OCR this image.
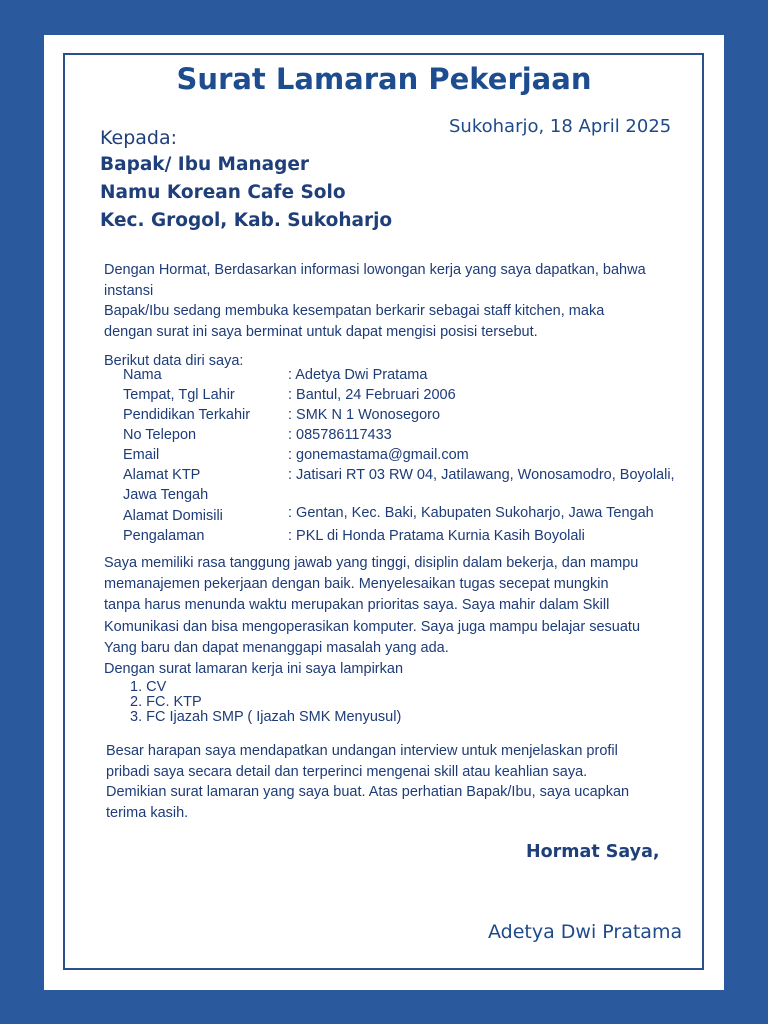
Surat Lamaran Pekerjaan
Sukoharjo, 18 April 2025
Kepada:
Bapak/ Ibu Manager
Namu Korean Cafe Solo
Kec. Grogol, Kab. Sukoharjo
Dengan Hormat, Berdasarkan informasi lowongan kerja yang saya dapatkan, bahwa
instansi
Bapak/Ibu sedang membuka kesempatan berkarir sebagai staff kitchen, maka
dengan surat ini saya berminat untuk dapat mengisi posisi tersebut.
Berikut data diri saya:
Nama	: Adetya Dwi Pratama
Tempat, Tgl Lahir	: Bantul, 24 Februari 2006
Pendidikan Terkahir	: SMK N 1 Wonosegoro
No Telepon	: 085786117433
Email	: gonemastama@gmail.com
Alamat KTP	: Jatisari RT 03 RW 04, Jatilawang, Wonosamodro, Boyolali,
Jawa Tengah
Alamat Domisili	: Gentan, Kec. Baki, Kabupaten Sukoharjo, Jawa Tengah
Pengalaman	: PKL di Honda Pratama Kurnia Kasih Boyolali
Saya memiliki rasa tanggung jawab yang tinggi, disiplin dalam bekerja, dan mampu
memanajemen pekerjaan dengan baik. Menyelesaikan tugas secepat mungkin
tanpa harus menunda waktu merupakan prioritas saya. Saya mahir dalam Skill
Komunikasi dan bisa mengoperasikan komputer. Saya juga mampu belajar sesuatu
Yang baru dan dapat menanggapi masalah yang ada.
Dengan surat lamaran kerja ini saya lampirkan
1. CV
2. FC. KTP
3. FC Ijazah SMP ( Ijazah SMK Menyusul)
Besar harapan saya mendapatkan undangan interview untuk menjelaskan profil
pribadi saya secara detail dan terperinci mengenai skill atau keahlian saya.
Demikian surat lamaran yang saya buat. Atas perhatian Bapak/Ibu, saya ucapkan
terima kasih.
Hormat Saya,
Adetya Dwi Pratama
